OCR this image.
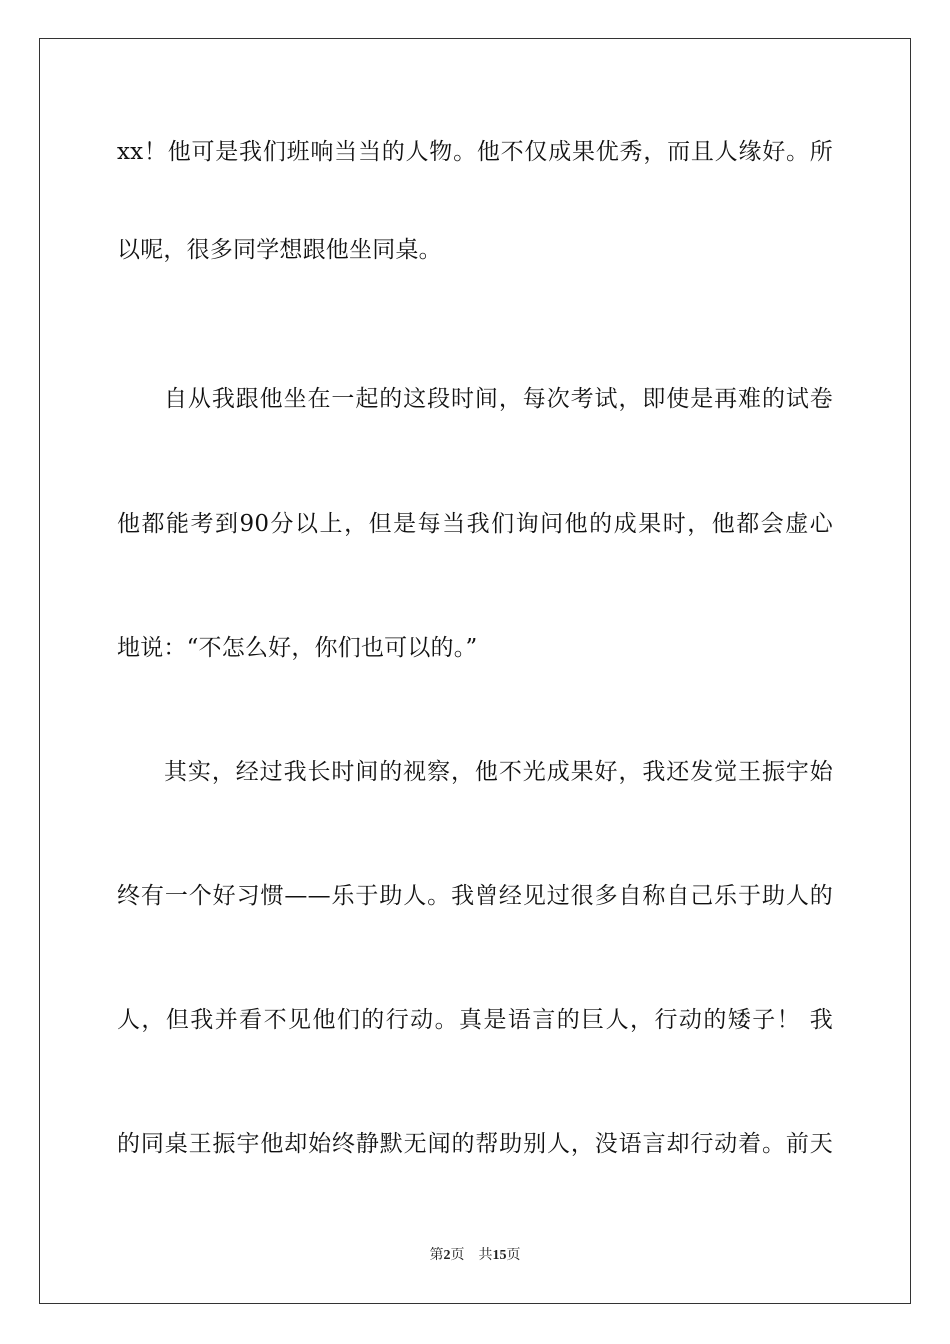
xx！他可是我们班响当当的人物。他不仅成果优秀，而且人缘好。所
以呢，很多同学想跟他坐同桌。
自从我跟他坐在一起的这段时间，每次考试，即使是再难的试卷
他都能考到90分以上，但是每当我们询问他的成果时，他都会虚心
地说：“不怎么好，你们也可以的。”
其实，经过我长时间的视察，他不光成果好，我还发觉王振宇始
终有一个好习惯——乐于助人。我曾经见过很多自称自己乐于助人的
人，但我并看不见他们的行动。真是语言的巨人，行动的矮子！ 我
的同桌王振宇他却始终静默无闻的帮助别人，没语言却行动着。前天
第2页 共15页
